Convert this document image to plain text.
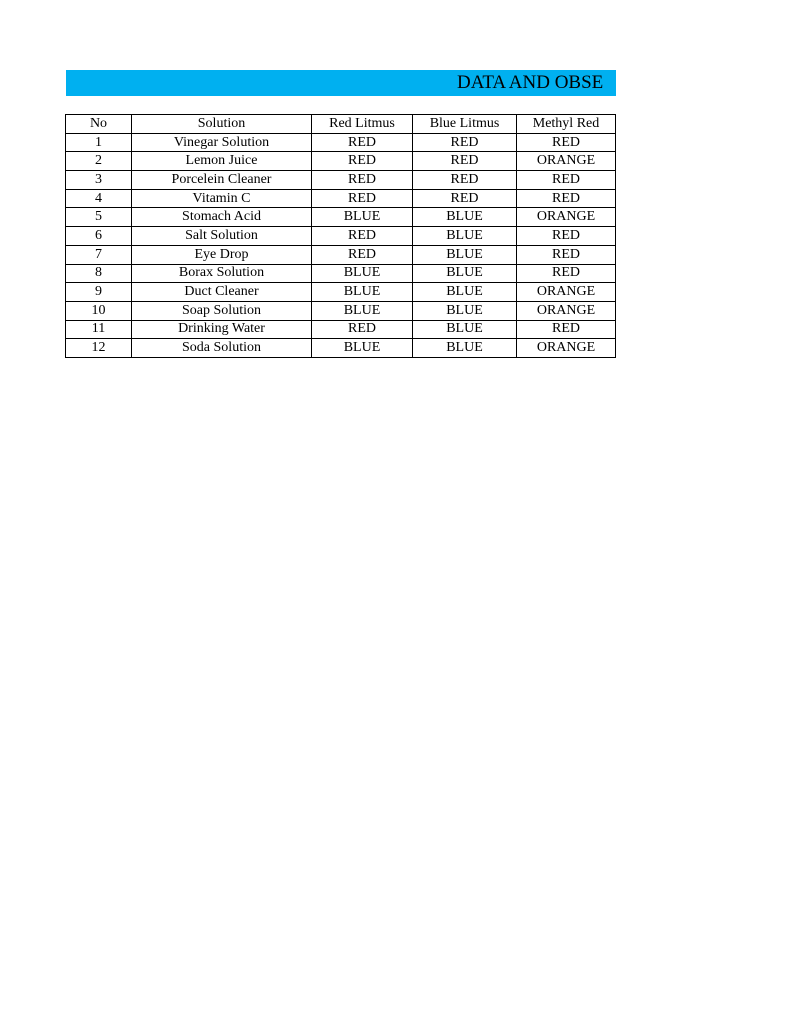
DATA AND OBSE
No	Solution	Red Litmus	Blue Litmus	Methyl Red
1	Vinegar Solution	RED	RED	RED
2	Lemon Juice	RED	RED	ORANGE
3	Porcelein Cleaner	RED	RED	RED
4	Vitamin C	RED	RED	RED
5	Stomach Acid	BLUE	BLUE	ORANGE
6	Salt Solution	RED	BLUE	RED
7	Eye Drop	RED	BLUE	RED
8	Borax Solution	BLUE	BLUE	RED
9	Duct Cleaner	BLUE	BLUE	ORANGE
10	Soap Solution	BLUE	BLUE	ORANGE
11	Drinking Water	RED	BLUE	RED
12	Soda Solution	BLUE	BLUE	ORANGE
